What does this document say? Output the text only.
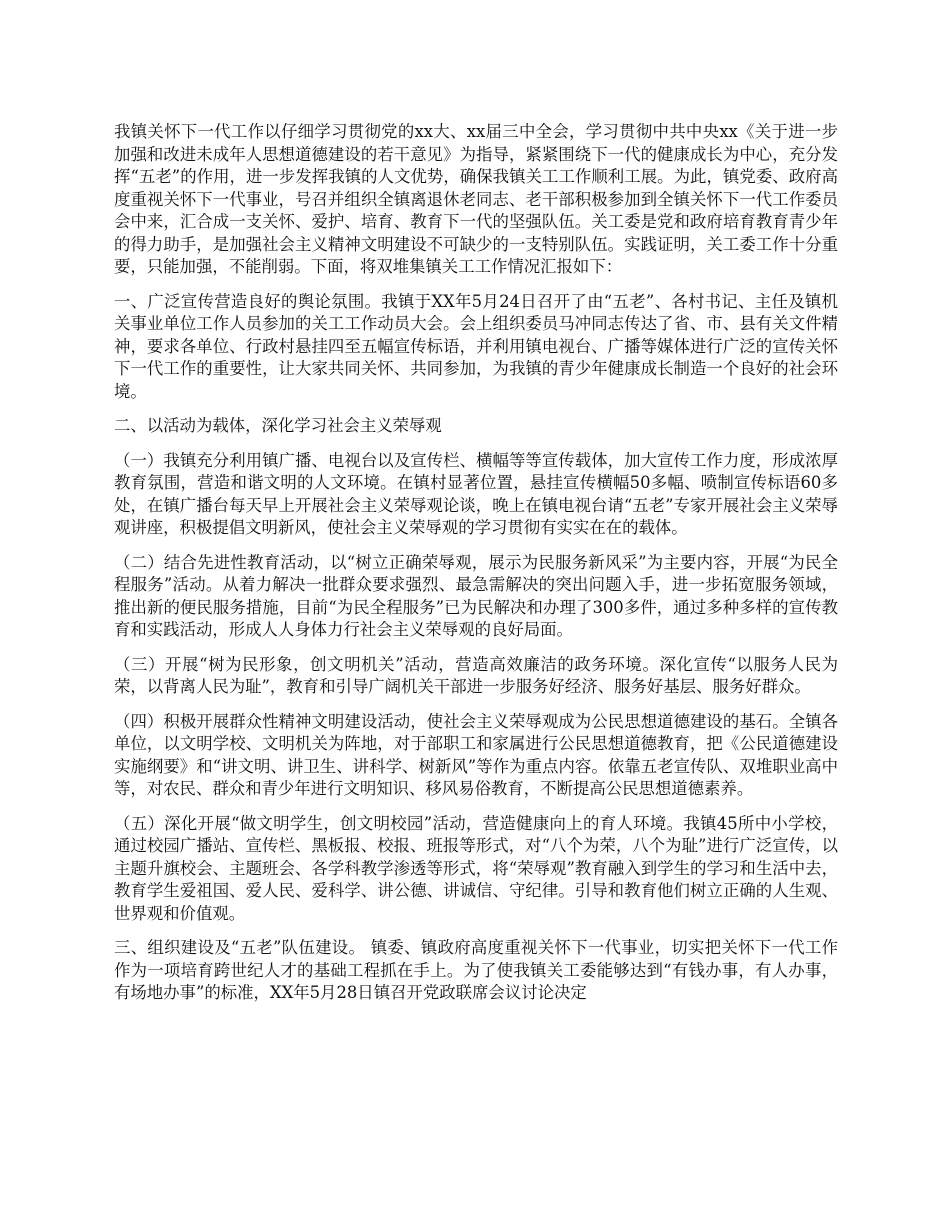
我镇关怀下一代工作以仔细学习贯彻党的xx大、xx届三中全会，学习贯彻中共中央xx《关于进一步加强和改进未成年人思想道德建设的若干意见》为指导，紧紧围绕下一代的健康成长为中心，充分发挥“五老”的作用，进一步发挥我镇的人文优势，确保我镇关工工作顺利工展。为此，镇党委、政府高度重视关怀下一代事业，号召并组织全镇离退休老同志、老干部积极参加到全镇关怀下一代工作委员会中来，汇合成一支关怀、爱护、培育、教育下一代的坚强队伍。关工委是党和政府培育教育青少年的得力助手，是加强社会主义精神文明建设不可缺少的一支特别队伍。实践证明，关工委工作十分重要，只能加强，不能削弱。下面，将双堆集镇关工工作情况汇报如下：

一、广泛宣传营造良好的舆论氛围。我镇于XX年5月24日召开了由“五老”、各村书记、主任及镇机关事业单位工作人员参加的关工工作动员大会。会上组织委员马冲同志传达了省、市、县有关文件精神，要求各单位、行政村悬挂四至五幅宣传标语，并利用镇电视台、广播等媒体进行广泛的宣传关怀下一代工作的重要性，让大家共同关怀、共同参加，为我镇的青少年健康成长制造一个良好的社会环境。

二、以活动为载体，深化学习社会主义荣辱观

（一）我镇充分利用镇广播、电视台以及宣传栏、横幅等等宣传载体，加大宣传工作力度，形成浓厚教育氛围，营造和谐文明的人文环境。在镇村显著位置，悬挂宣传横幅50多幅、喷制宣传标语60多处，在镇广播台每天早上开展社会主义荣辱观论谈，晚上在镇电视台请“五老”专家开展社会主义荣辱观讲座，积极提倡文明新风，使社会主义荣辱观的学习贯彻有实实在在的载体。

（二）结合先进性教育活动，以“树立正确荣辱观，展示为民服务新风采”为主要内容，开展“为民全程服务”活动。从着力解决一批群众要求强烈、最急需解决的突出问题入手，进一步拓宽服务领域，推出新的便民服务措施，目前“为民全程服务”已为民解决和办理了300多件，通过多种多样的宣传教育和实践活动，形成人人身体力行社会主义荣辱观的良好局面。

（三）开展“树为民形象，创文明机关”活动，营造高效廉洁的政务环境。深化宣传“以服务人民为荣，以背离人民为耻”，教育和引导广阔机关干部进一步服务好经济、服务好基层、服务好群众。

（四）积极开展群众性精神文明建设活动，使社会主义荣辱观成为公民思想道德建设的基石。全镇各单位，以文明学校、文明机关为阵地，对于部职工和家属进行公民思想道德教育，把《公民道德建设实施纲要》和“讲文明、讲卫生、讲科学、树新风”等作为重点内容。依靠五老宣传队、双堆职业高中等，对农民、群众和青少年进行文明知识、移风易俗教育，不断提高公民思想道德素养。

（五）深化开展“做文明学生，创文明校园”活动，营造健康向上的育人环境。我镇45所中小学校，通过校园广播站、宣传栏、黑板报、校报、班报等形式，对“八个为荣，八个为耻”进行广泛宣传，以主题升旗校会、主题班会、各学科教学渗透等形式，将“荣辱观”教育融入到学生的学习和生活中去，教育学生爱祖国、爱人民、爱科学、讲公德、讲诚信、守纪律。引导和教育他们树立正确的人生观、世界观和价值观。

三、组织建设及“五老”队伍建设。 镇委、镇政府高度重视关怀下一代事业，切实把关怀下一代工作作为一项培育跨世纪人才的基础工程抓在手上。为了使我镇关工委能够达到“有钱办事，有人办事，有场地办事”的标准，XX年5月28日镇召开党政联席会议讨论决定
